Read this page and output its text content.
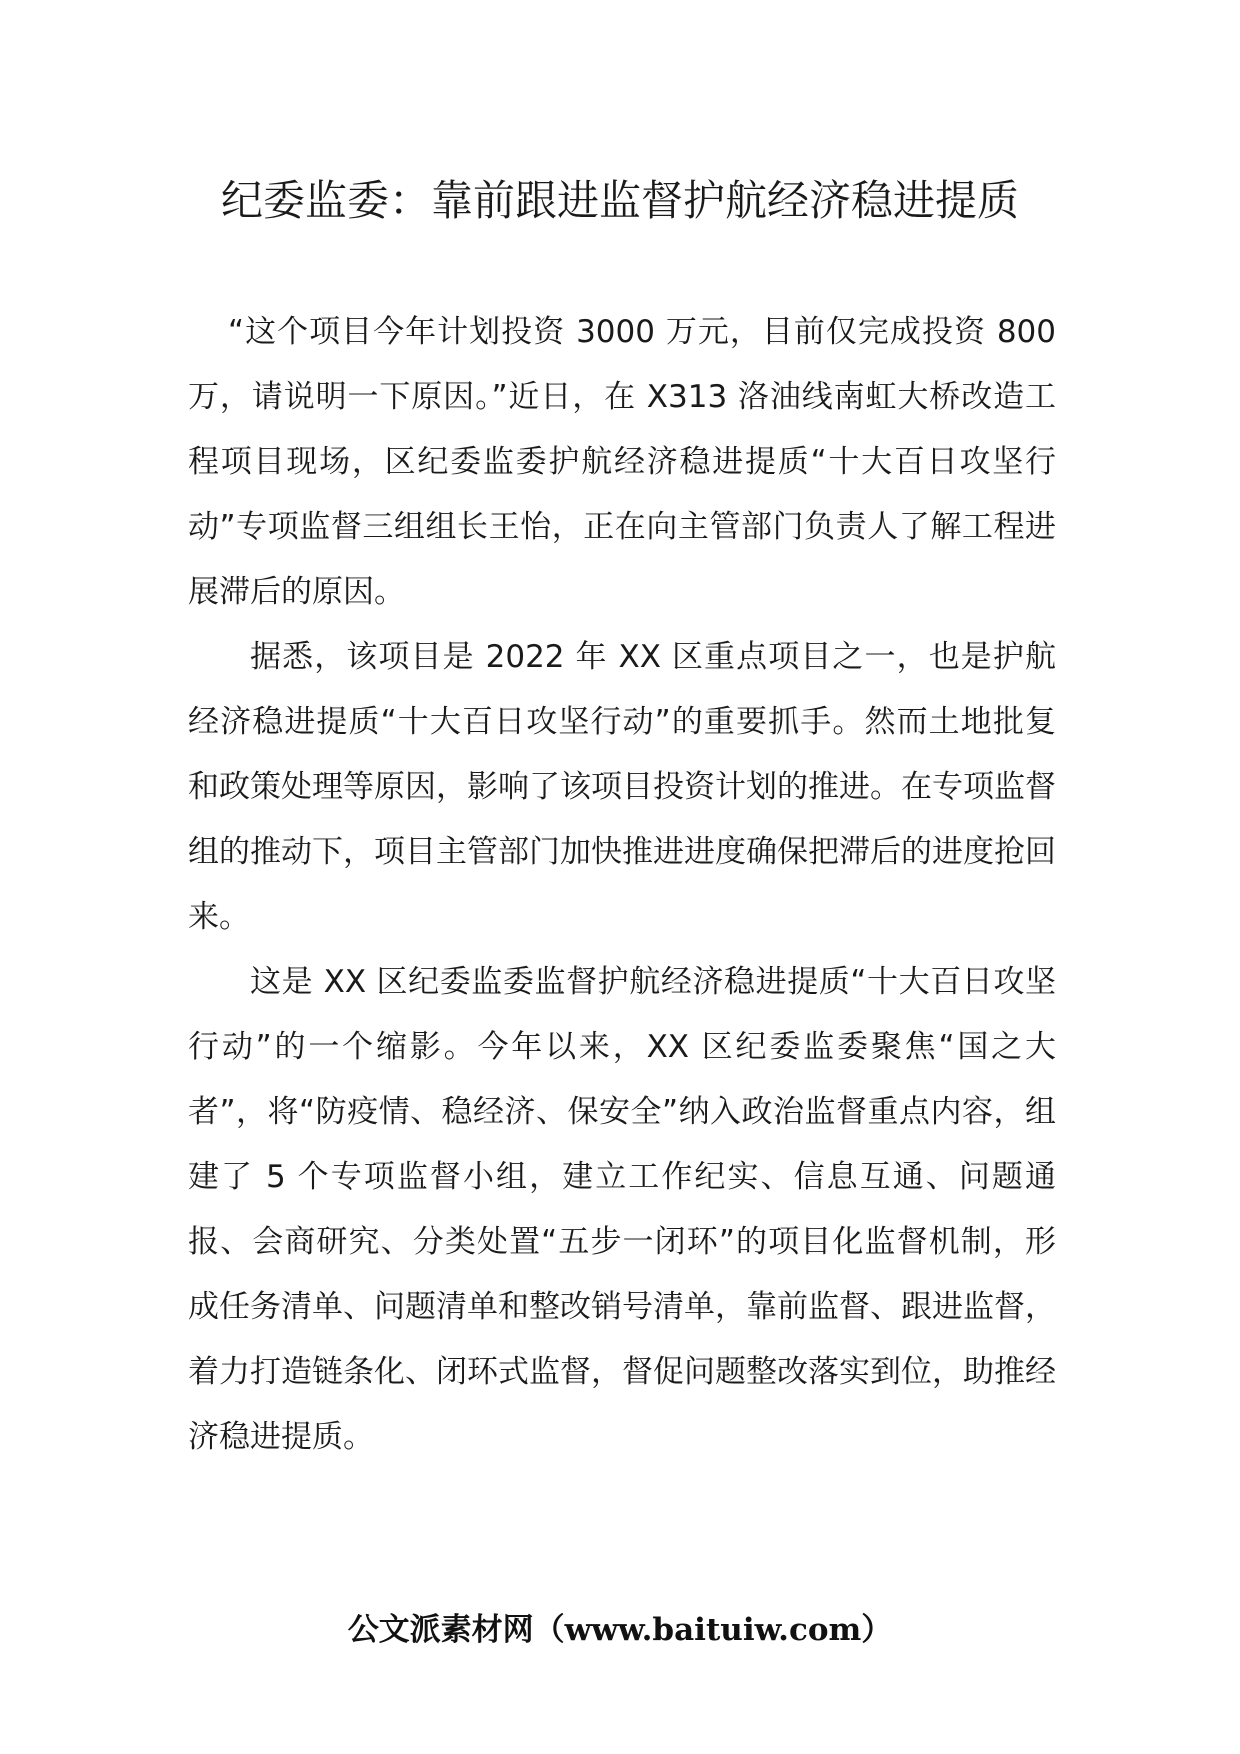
纪委监委：靠前跟进监督护航经济稳进提质

“这个项目今年计划投资 3000 万元，目前仅完成投资 800 万，请说明一下原因。”近日，在 X313 洛油线南虹大桥改造工程项目现场，区纪委监委护航经济稳进提质“十大百日攻坚行动”专项监督三组组长王怡，正在向主管部门负责人了解工程进展滞后的原因。

据悉，该项目是 2022 年 XX 区重点项目之一，也是护航经济稳进提质“十大百日攻坚行动”的重要抓手。然而土地批复和政策处理等原因，影响了该项目投资计划的推进。在专项监督组的推动下，项目主管部门加快推进进度确保把滞后的进度抢回来。

这是 XX 区纪委监委监督护航经济稳进提质“十大百日攻坚行动”的一个缩影。今年以来，XX 区纪委监委聚焦“国之大者”，将“防疫情、稳经济、保安全”纳入政治监督重点内容，组建了 5 个专项监督小组，建立工作纪实、信息互通、问题通报、会商研究、分类处置“五步一闭环”的项目化监督机制，形成任务清单、问题清单和整改销号清单，靠前监督、跟进监督，着力打造链条化、闭环式监督，督促问题整改落实到位，助推经济稳进提质。

公文派素材网（www.baituiw.com）
